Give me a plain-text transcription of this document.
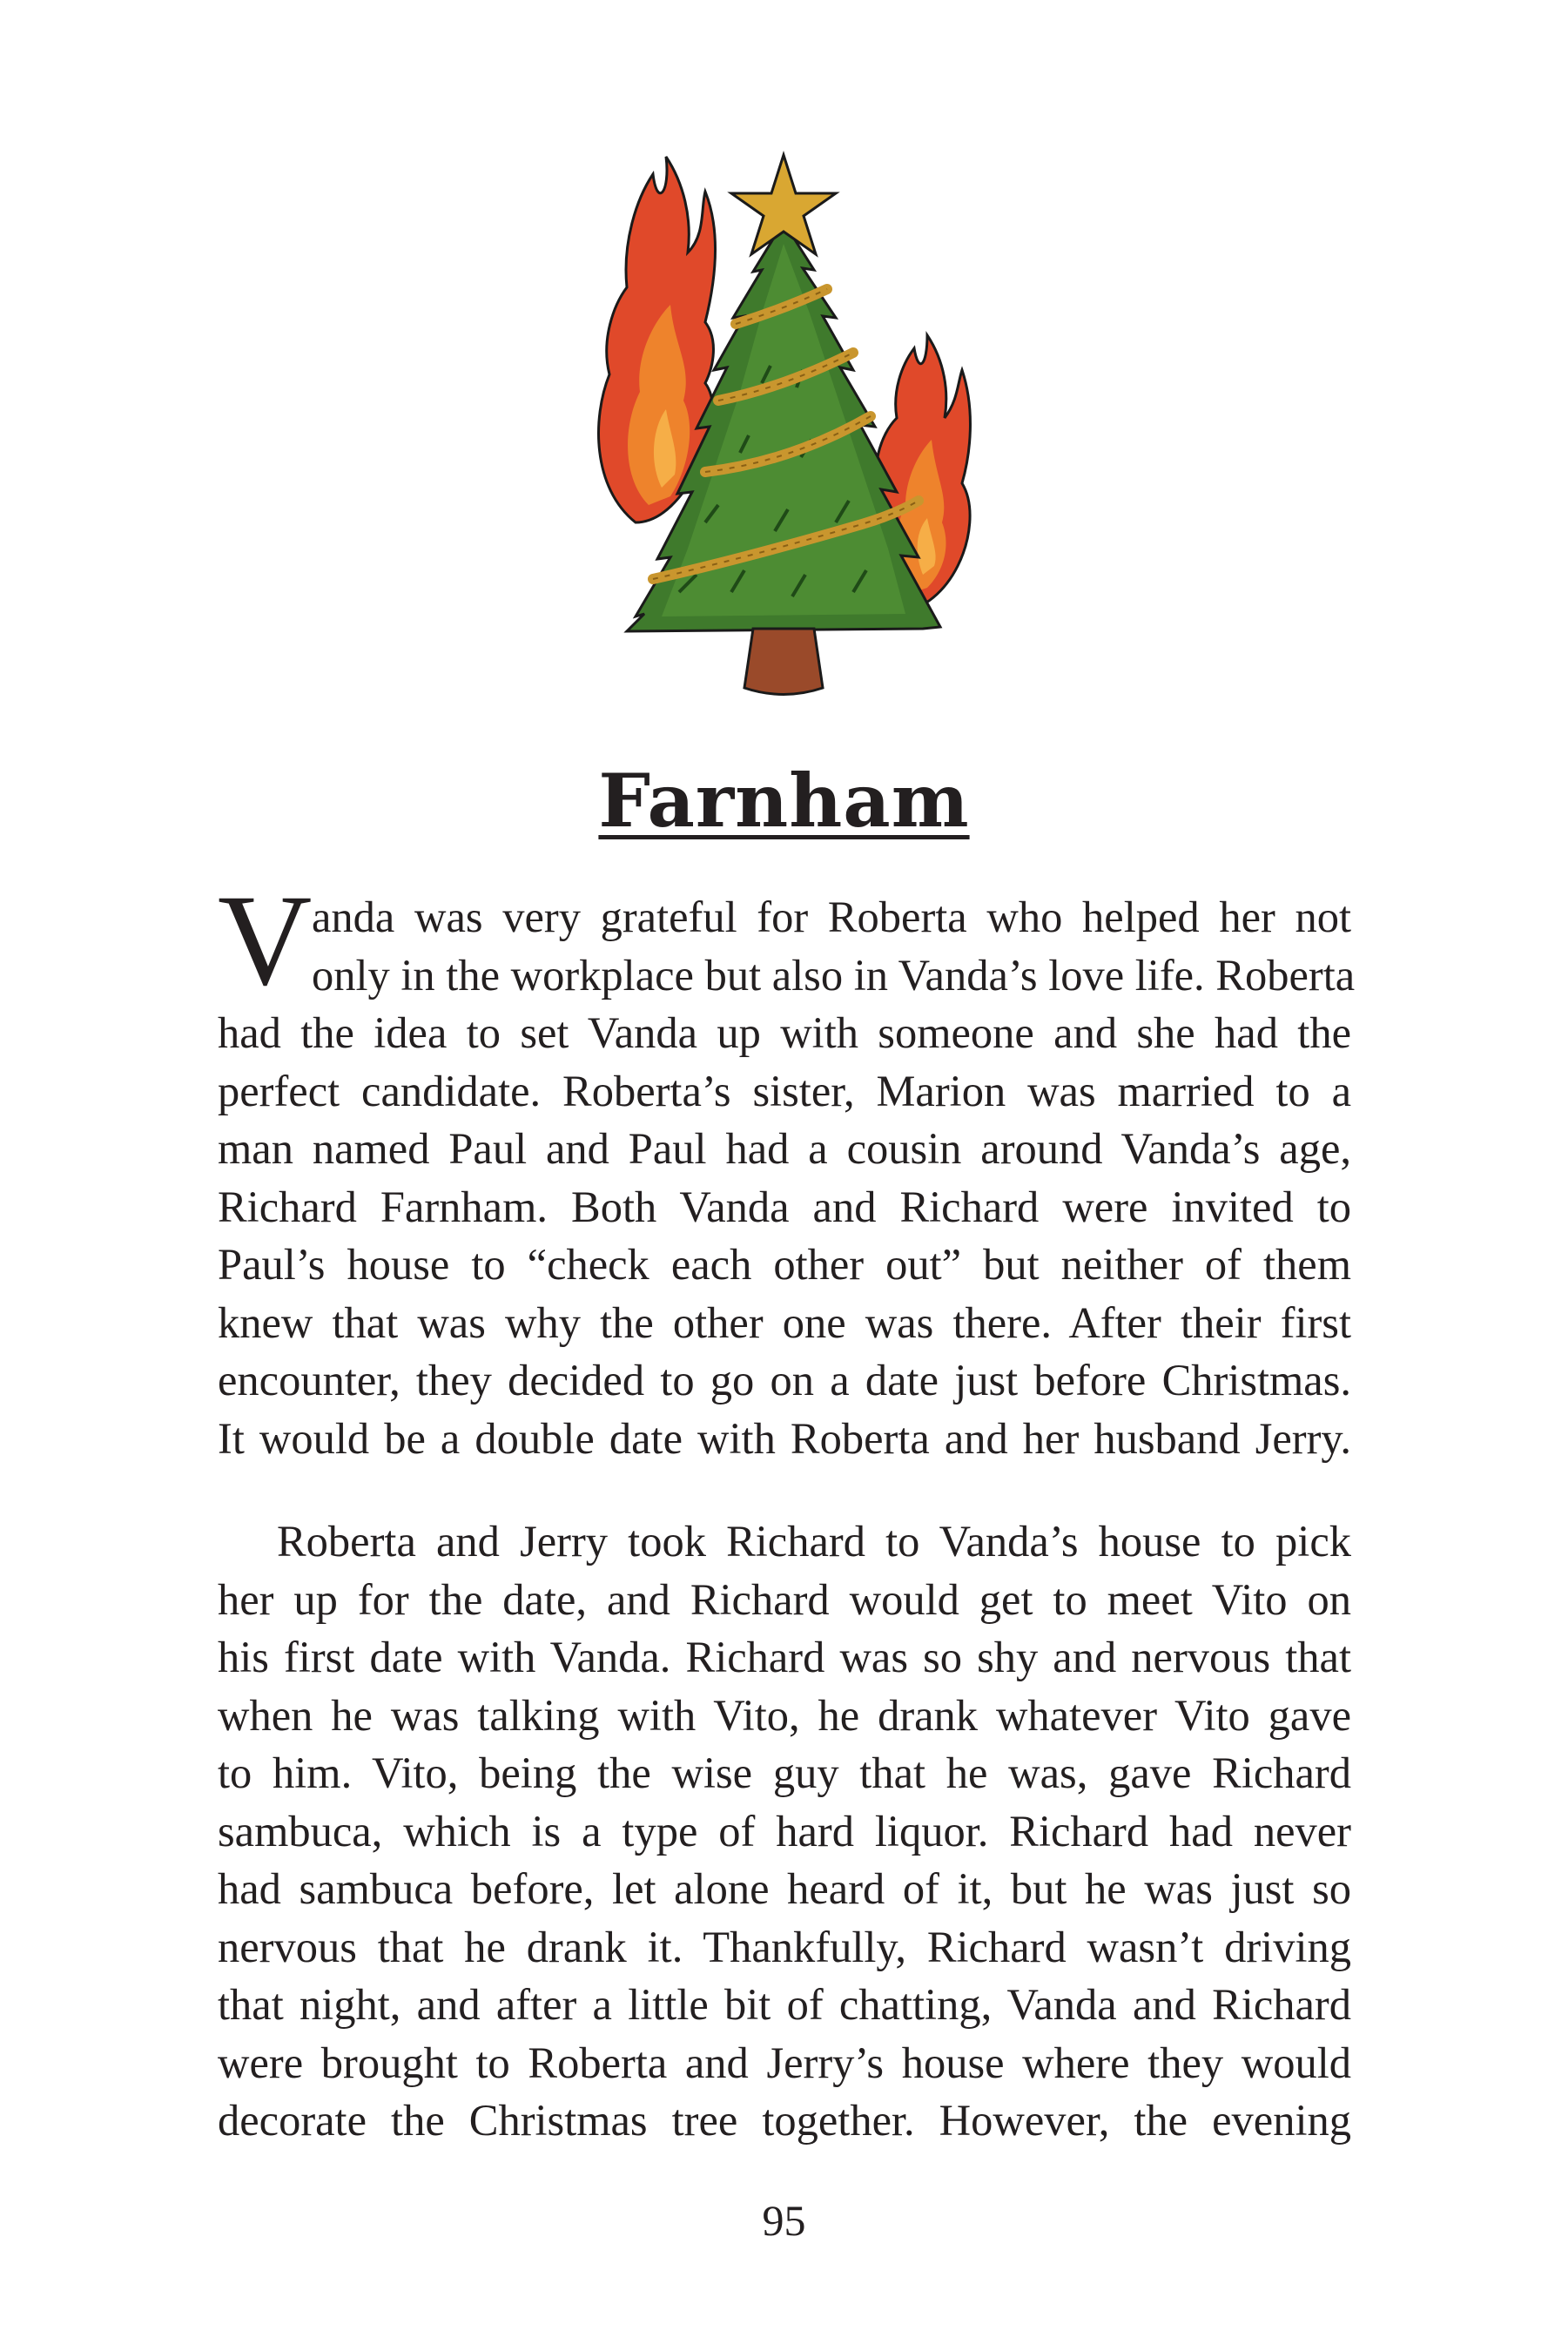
Farnham
V anda was very grateful for Roberta who helped her not
only in the workplace but also in Vanda’s love life. Roberta
had the idea to set Vanda up with someone and she had the
perfect candidate. Roberta’s sister, Marion was married to a
man named Paul and Paul had a cousin around Vanda’s age,
Richard Farnham. Both Vanda and Richard were invited to
Paul’s house to “check each other out” but neither of them
knew that was why the other one was there. After their first
encounter, they decided to go on a date just before Christmas.
It would be a double date with Roberta and her husband Jerry.
Roberta and Jerry took Richard to Vanda’s house to pick
her up for the date, and Richard would get to meet Vito on
his first date with Vanda. Richard was so shy and nervous that
when he was talking with Vito, he drank whatever Vito gave
to him. Vito, being the wise guy that he was, gave Richard
sambuca, which is a type of hard liquor. Richard had never
had sambuca before, let alone heard of it, but he was just so
nervous that he drank it. Thankfully, Richard wasn’t driving
that night, and after a little bit of chatting, Vanda and Richard
were brought to Roberta and Jerry’s house where they would
decorate the Christmas tree together. However, the evening
95
